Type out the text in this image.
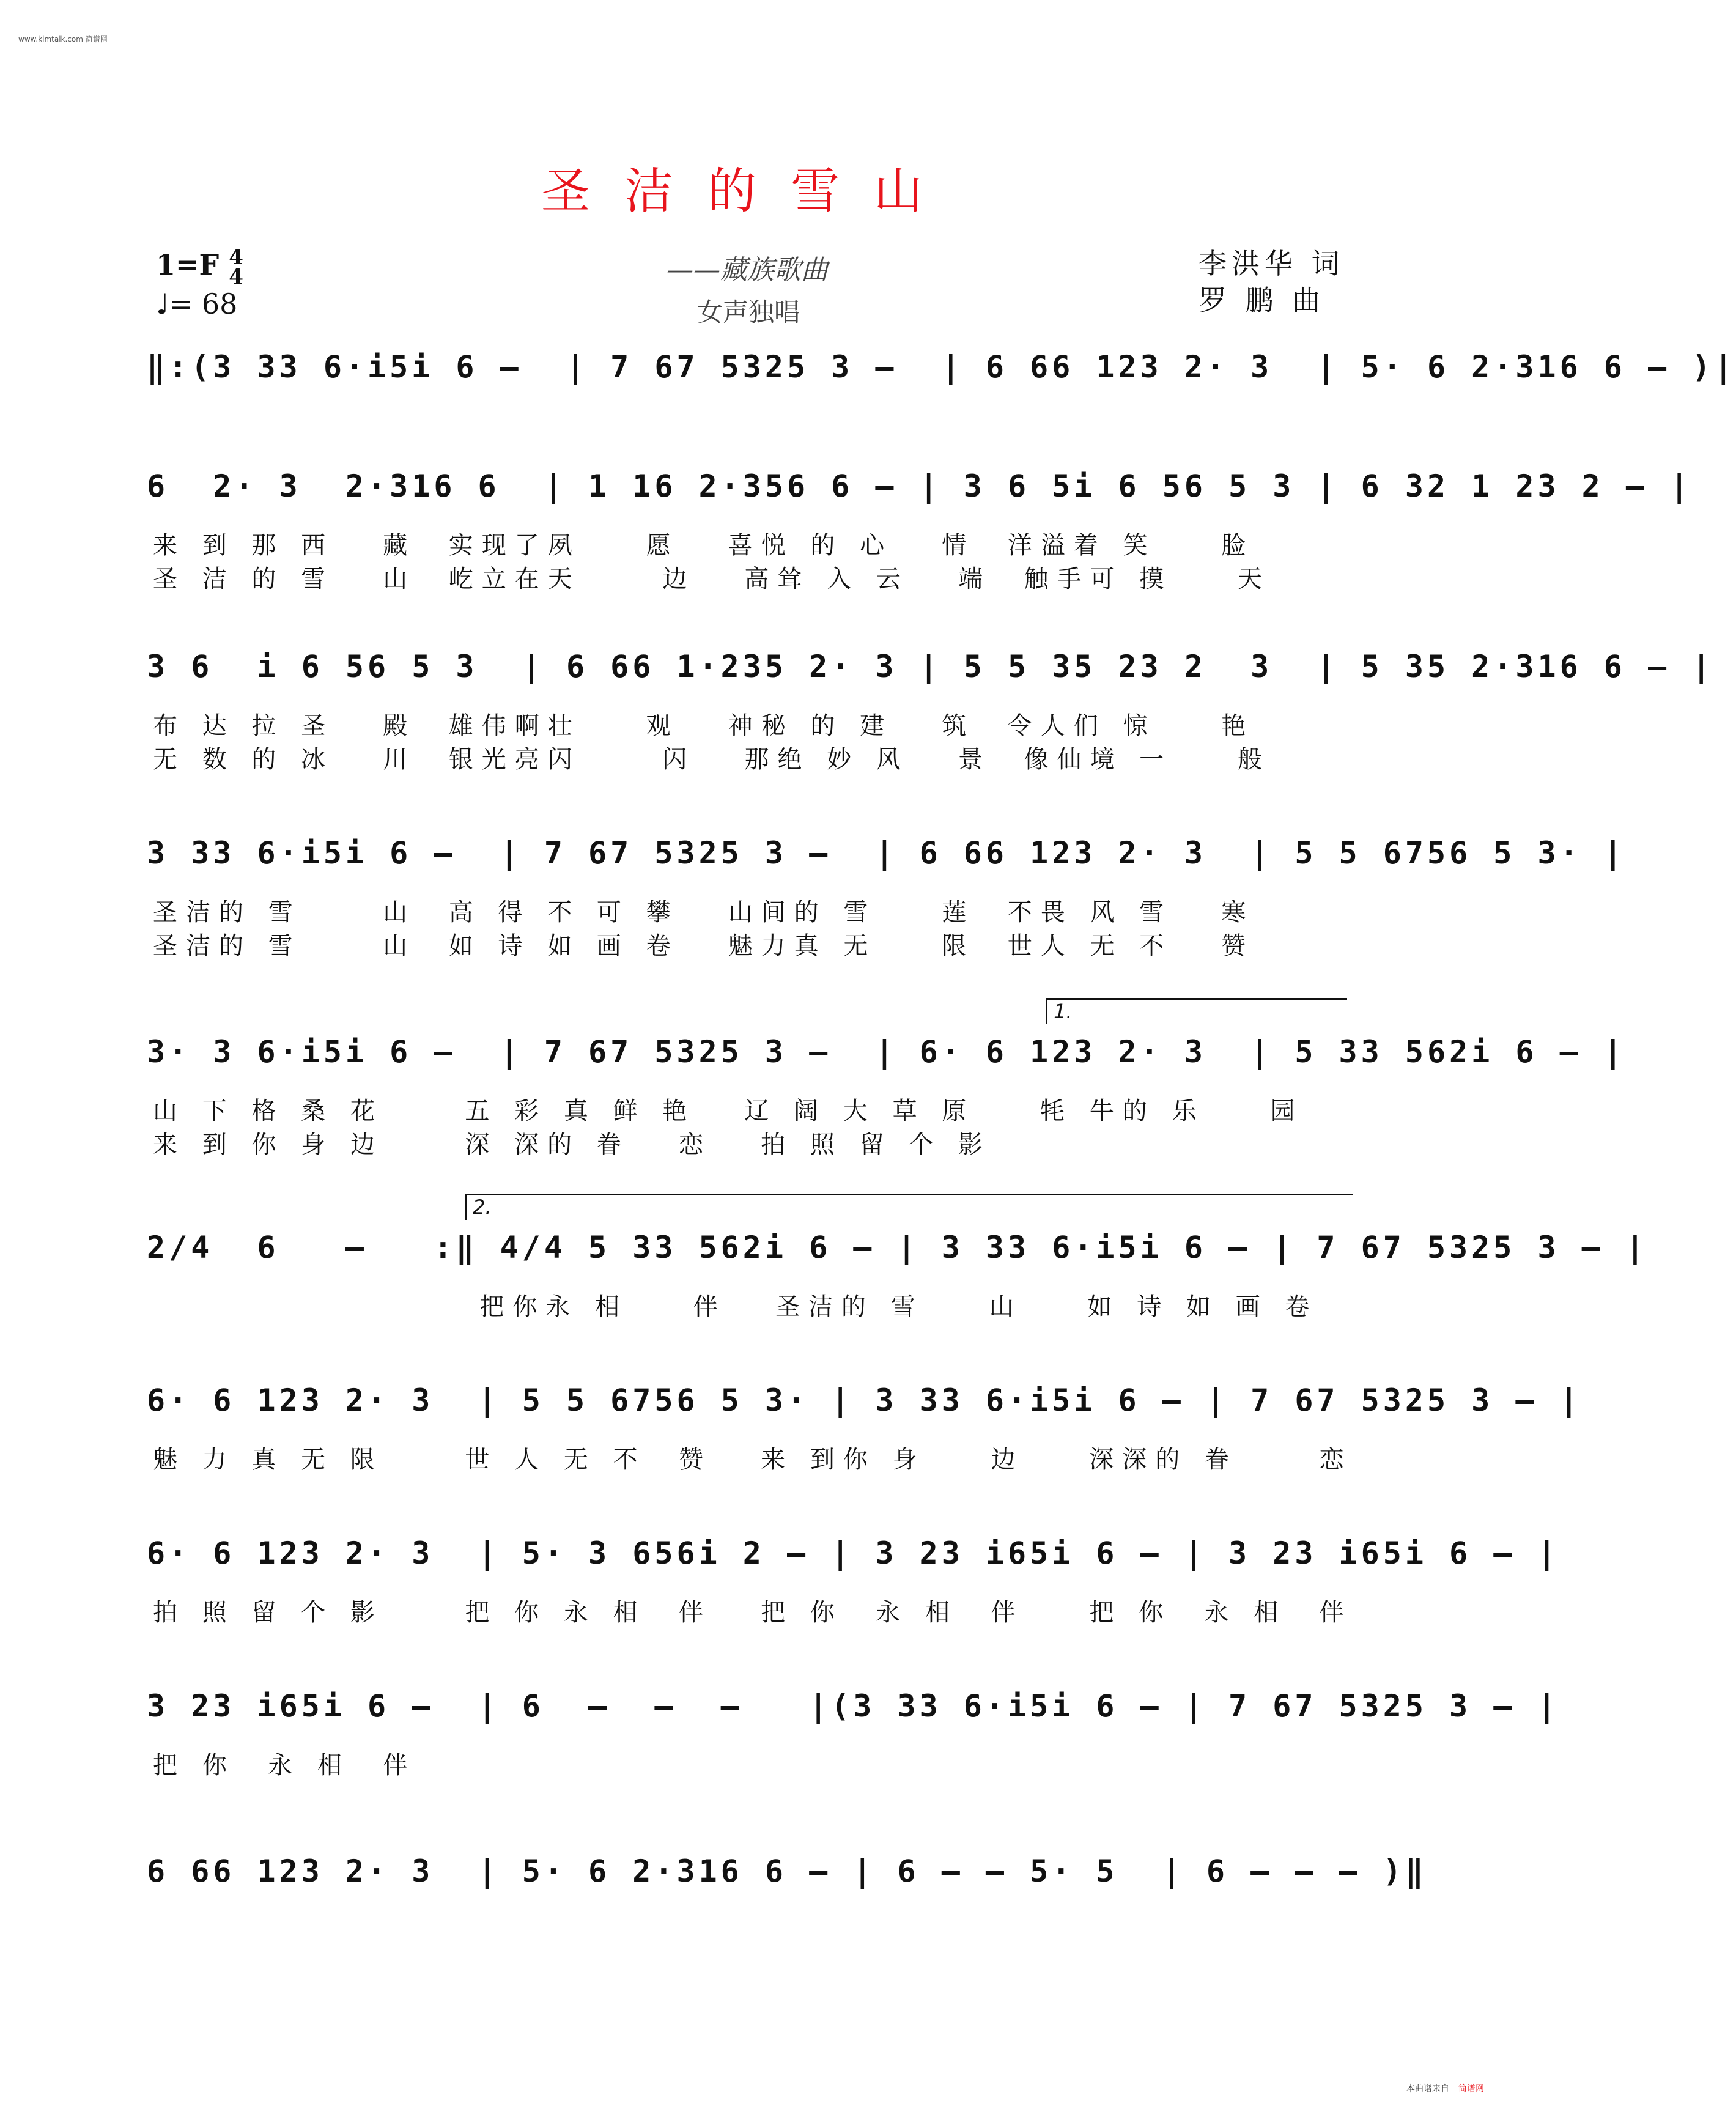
www.kimtalk.com 简谱网
圣洁的雪山
1=F 4
4
♩= 68
——藏族歌曲
女声独唱
李洪华 词
罗 鹏 曲
‖:(3 33 6·i5i 6 –  | 7 67 5325 3 –  | 6 66 123 2· 3  | 5· 6 2·316 6 – )|
6  2· 3  2·316 6  | 1 16 2·356 6 – | 3 6 5i 6 56 5 3 | 6 32 1 23 2 – |
来 到 那 西   藏  实现了夙    愿   喜悦 的 心   情  洋溢着 笑    脸
圣 洁 的 雪   山  屹立在天     边   高耸 入 云   端  触手可 摸    天
3 6  i 6 56 5 3  | 6 66 1·235 2· 3 | 5 5 35 23 2  3  | 5 35 2·316 6 – |
布 达 拉 圣   殿  雄伟啊壮    观   神秘 的 建   筑  令人们 惊    艳
无 数 的 冰   川  银光亮闪     闪   那绝 妙 风   景  像仙境 一    般
3 33 6·i5i 6 –  | 7 67 5325 3 –  | 6 66 123 2· 3  | 5 5 6756 5 3· |
圣洁的 雪     山  高 得 不 可 攀   山间的 雪    莲  不畏 风 雪   寒
圣洁的 雪     山  如 诗 如 画 卷   魅力真 无    限  世人 无 不   赞
3· 3 6·i5i 6 –  | 7 67 5325 3 –  | 6· 6 123 2· 3  | 5 33 562i 6 – |
1.
山 下 格 桑 花     五 彩 真 鲜 艳   辽 阔 大 草 原    牦 牛的 乐    园
来 到 你 身 边     深 深的 眷   恋   拍 照 留 个 影
2/4  6   –   :‖ 4/4 5 33 562i 6 – | 3 33 6·i5i 6 – | 7 67 5325 3 – |
2.
把你永 相    伴   圣洁的 雪    山    如 诗 如 画 卷
6· 6 123 2· 3  | 5 5 6756 5 3· | 3 33 6·i5i 6 – | 7 67 5325 3 – |
魅 力 真 无 限     世 人 无 不  赞   来 到你 身    边    深深的 眷     恋
6· 6 123 2· 3  | 5· 3 656i 2 – | 3 23 i65i 6 – | 3 23 i65i 6 – |
拍 照 留 个 影     把 你 永 相  伴   把 你  永 相  伴    把 你  永 相  伴
3 23 i65i 6 –  | 6  –  –  –   |(3 33 6·i5i 6 – | 7 67 5325 3 – |
把 你  永 相  伴
6 66 123 2· 3  | 5· 6 2·316 6 – | 6 – – 5· 5  | 6 – – – )‖
本曲谱来自 简谱网
